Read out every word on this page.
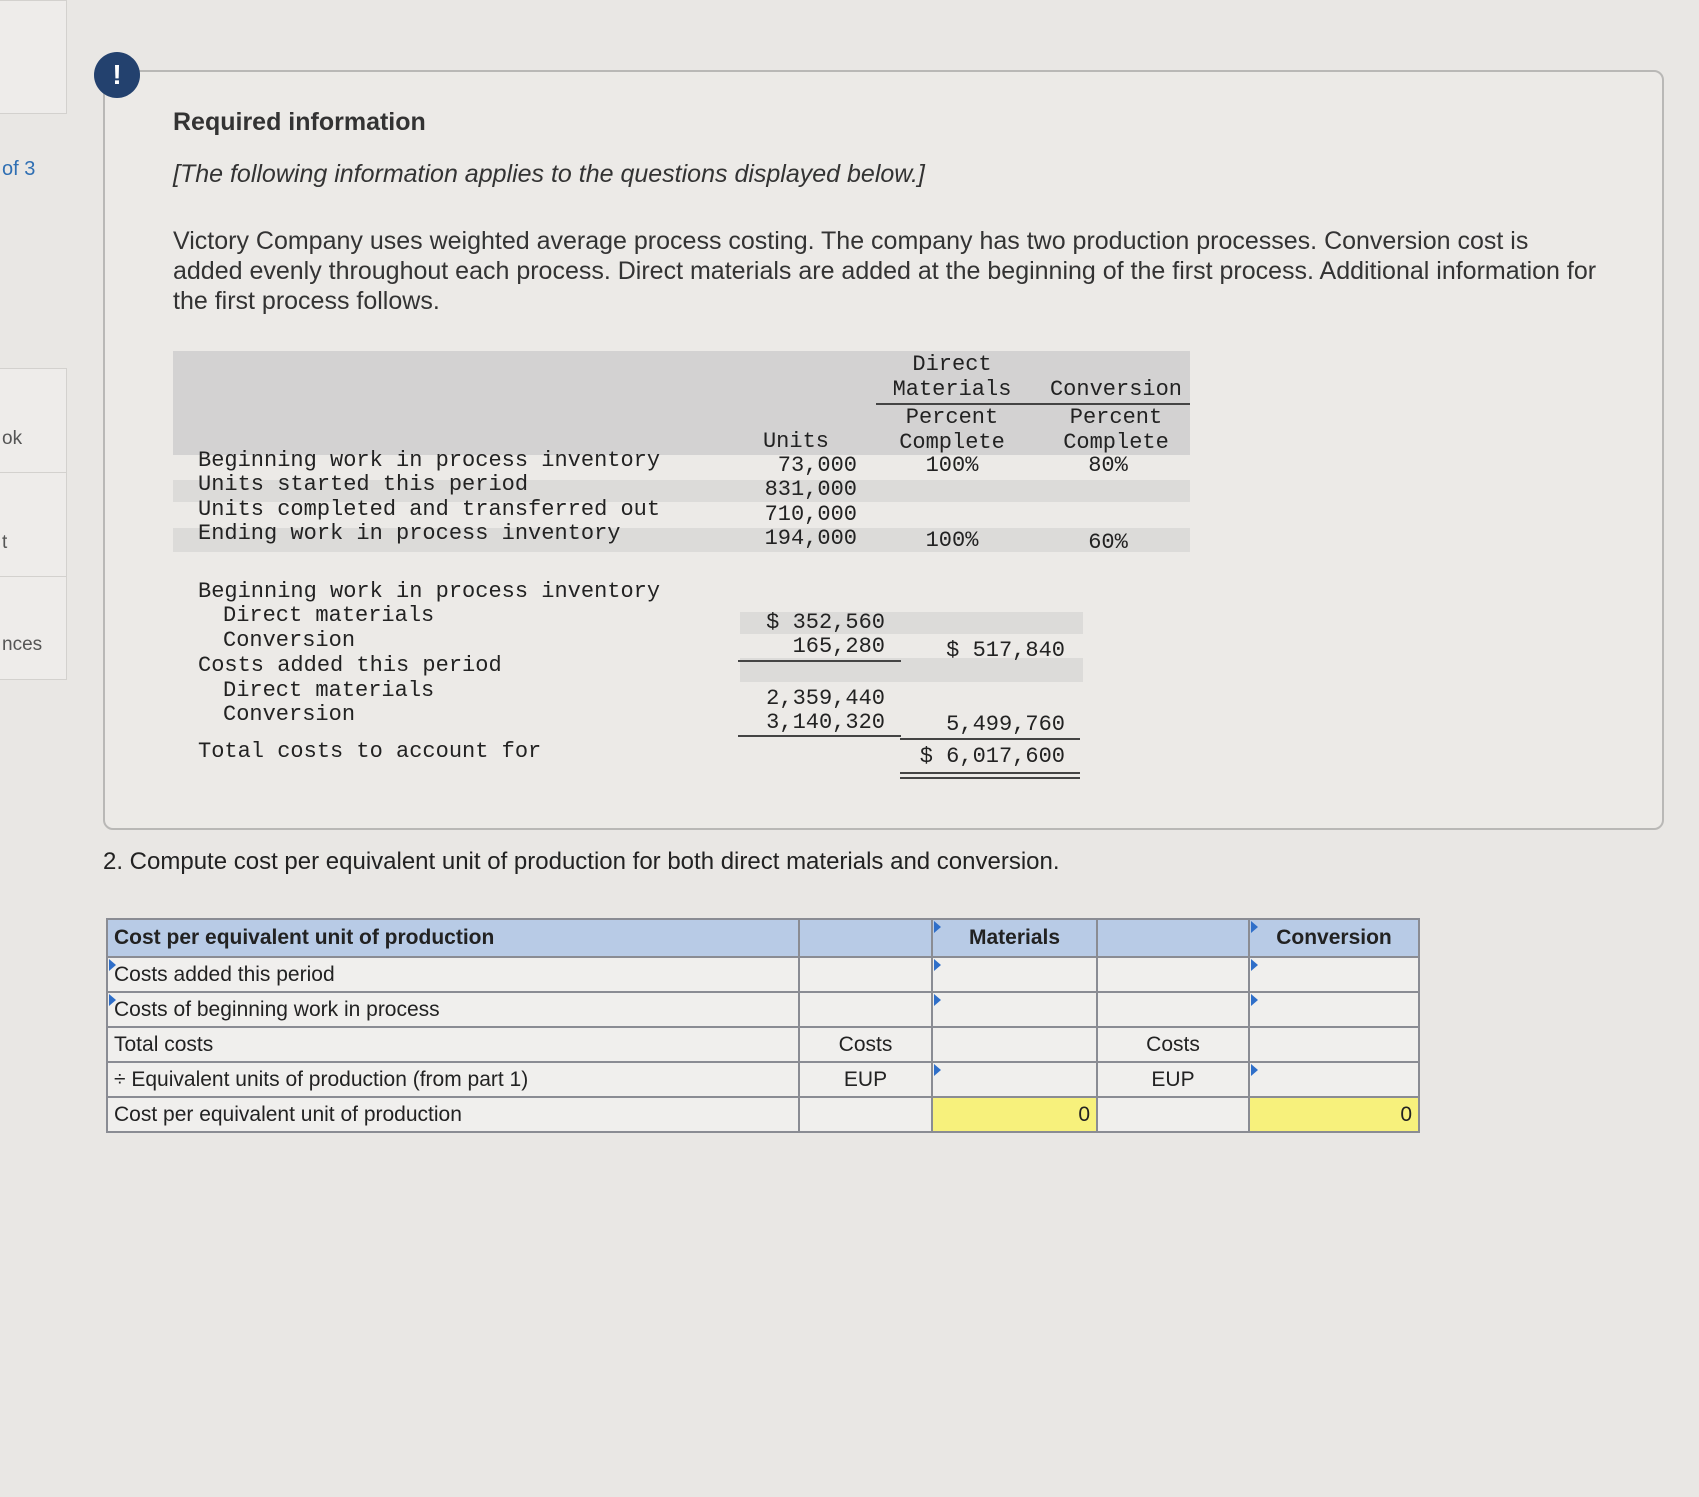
of 3
ok
t
nces
!
Required information
[The following information applies to the questions displayed below.]
Victory Company uses weighted average process costing. The company has two production processes. Conversion cost is added evenly throughout each process. Direct materials are added at the beginning of the first process. Additional information for the first process follows.
Direct
Materials	Conversion
Percent	Percent
Units	Complete	Complete
Beginning work in process inventory	73,000	100%	80%
Units started this period	831,000
Units completed and transferred out	710,000
Ending work in process inventory	194,000	100%	60%
Beginning work in process inventory
Direct materials	$ 352,560
Conversion	165,280	$ 517,840
Costs added this period
Direct materials	2,359,440
Conversion	3,140,320	5,499,760
Total costs to account for	$ 6,017,600
2. Compute cost per equivalent unit of production for both direct materials and conversion.
Cost per equivalent unit of production		Materials		Conversion
Costs added this period				
Costs of beginning work in process				
Total costs	Costs		Costs	
÷ Equivalent units of production (from part 1)	EUP		EUP	
Cost per equivalent unit of production		0		0
